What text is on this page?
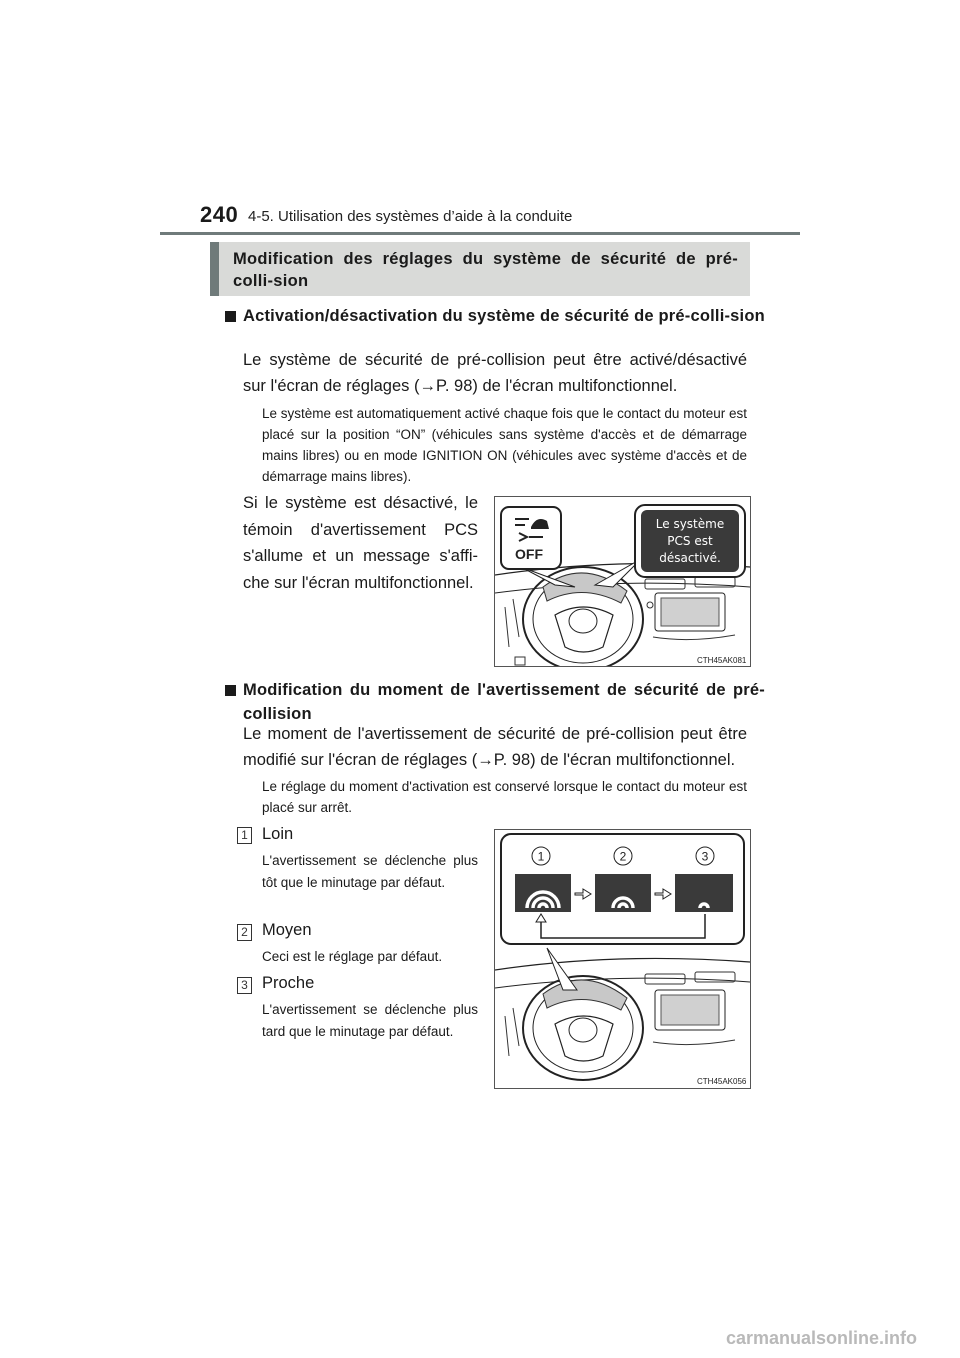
240 4-5. Utilisation des systèmes d’aide à la conduite
Modification des réglages du système de sécurité de pré-colli-sion
Activation/désactivation du système de sécurité de pré-colli-sion
Le système de sécurité de pré-collision peut être activé/désactivé sur l'écran de réglages (→P. 98) de l'écran multifonctionnel.
Le système est automatiquement activé chaque fois que le contact du moteur est placé sur la position “ON” (véhicules sans système d'accès et de démarrage mains libres) ou en mode IGNITION ON (véhicules avec système d'accès et de démarrage mains libres).
Si le système est désactivé, le témoin d'avertissement PCS s'allume et un message s'affi-che sur l'écran multifonctionnel.
OFF
Le système
PCS est
désactivé.
CTH45AK081
Modification du moment de l'avertissement de sécurité de pré-collision
Le moment de l'avertissement de sécurité de pré-collision peut être modifié sur l'écran de réglages (→P. 98) de l'écran multifonctionnel.
Le réglage du moment d'activation est conservé lorsque le contact du moteur est placé sur arrêt.
1 Loin
L'avertissement se déclenche plus tôt que le minutage par défaut.
2 Moyen
Ceci est le réglage par défaut.
3 Proche
L'avertissement se déclenche plus tard que le minutage par défaut.
1	2	3
CTH45AK056
carmanualsonline.info
